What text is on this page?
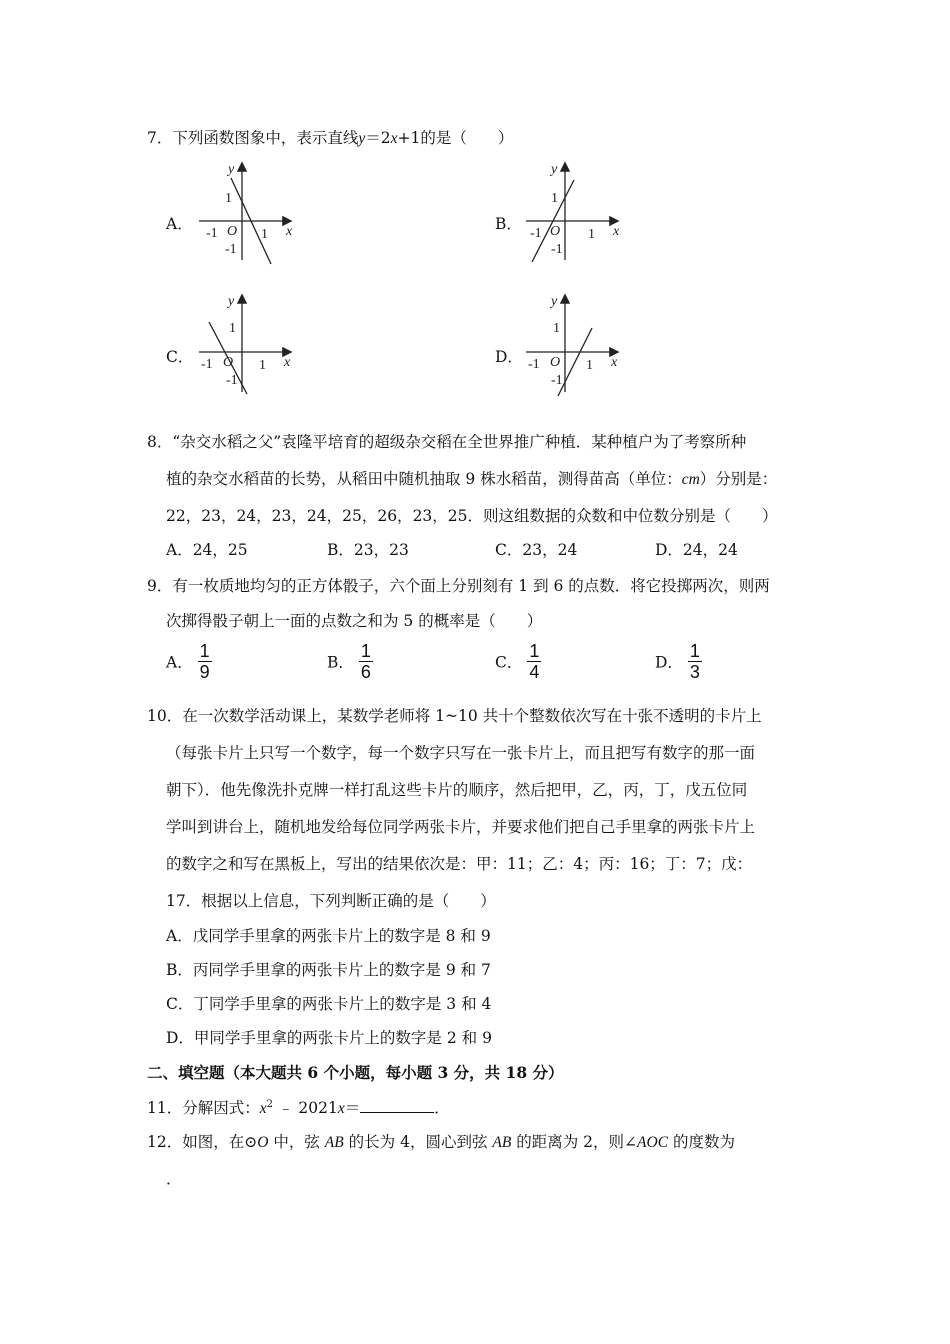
7．下列函数图象中，表示直线y＝2x+1的是（　　）
A．	B．
C．	D．
y
1
-1 O 1 x
-1
y
1
-1 O 1 x
-1
y
1
-1 O 1 x
-1
y
1
-1 O 1 x
-1
8．“杂交水稻之父”袁隆平培育的超级杂交稻在全世界推广种植．某种植户为了考察所种
植的杂交水稻苗的长势，从稻田中随机抽取 9 株水稻苗，测得苗高（单位：cm）分别是：
22，23，24，23，24，25，26，23，25．则这组数据的众数和中位数分别是（　　）
A．24，25	B．23，23	C．23，24	D．24，24
9．有一枚质地均匀的正方体骰子，六个面上分别刻有 1 到 6 的点数．将它投掷两次，则两
次掷得骰子朝上一面的点数之和为 5 的概率是（　　）
A． $\frac{1}{9}$	B． $\frac{1}{6}$	C． $\frac{1}{4}$	D． $\frac{1}{3}$
10．在一次数学活动课上，某数学老师将 1~10 共十个整数依次写在十张不透明的卡片上
（每张卡片上只写一个数字，每一个数字只写在一张卡片上，而且把写有数字的那一面
朝下）．他先像洗扑克牌一样打乱这些卡片的顺序，然后把甲，乙，丙，丁，戊五位同
学叫到讲台上，随机地发给每位同学两张卡片，并要求他们把自己手里拿的两张卡片上
的数字之和写在黑板上，写出的结果依次是：甲：11；乙：4；丙：16；丁：7；戊：
17．根据以上信息，下列判断正确的是（　　）
A．戊同学手里拿的两张卡片上的数字是 8 和 9
B．丙同学手里拿的两张卡片上的数字是 9 和 7
C．丁同学手里拿的两张卡片上的数字是 3 和 4
D．甲同学手里拿的两张卡片上的数字是 2 和 9
二、填空题（本大题共 6 个小题，每小题 3 分，共 18 分）
11．分解因式：$x^2$ ﹣ 2021x＝	．
12．如图，在⊙O 中，弦 AB 的长为 4，圆心到弦 AB 的距离为 2，则∠AOC 的度数为
．
